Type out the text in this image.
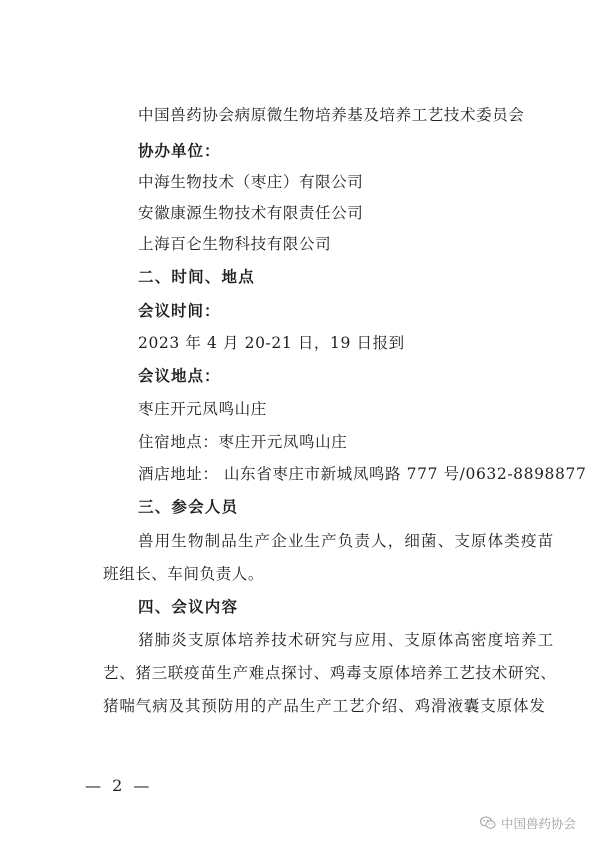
中国兽药协会病原微生物培养基及培养工艺技术委员会
协办单位：
中海生物技术（枣庄）有限公司
安徽康源生物技术有限责任公司
上海百仑生物科技有限公司
二、时间、地点
会议时间：
2023 年 4 月 20-21 日，19 日报到
会议地点：
枣庄开元凤鸣山庄
住宿地点：枣庄开元凤鸣山庄
酒店地址： 山东省枣庄市新城凤鸣路 777 号/0632-8898877
三、参会人员
兽用生物制品生产企业生产负责人，细菌、支原体类疫苗
班组长、车间负责人。
四、会议内容
猪肺炎支原体培养技术研究与应用、支原体高密度培养工
艺、猪三联疫苗生产难点探讨、鸡毒支原体培养工艺技术研究、
猪喘气病及其预防用的产品生产工艺介绍、鸡滑液囊支原体发
— 2 —
中国兽药协会
